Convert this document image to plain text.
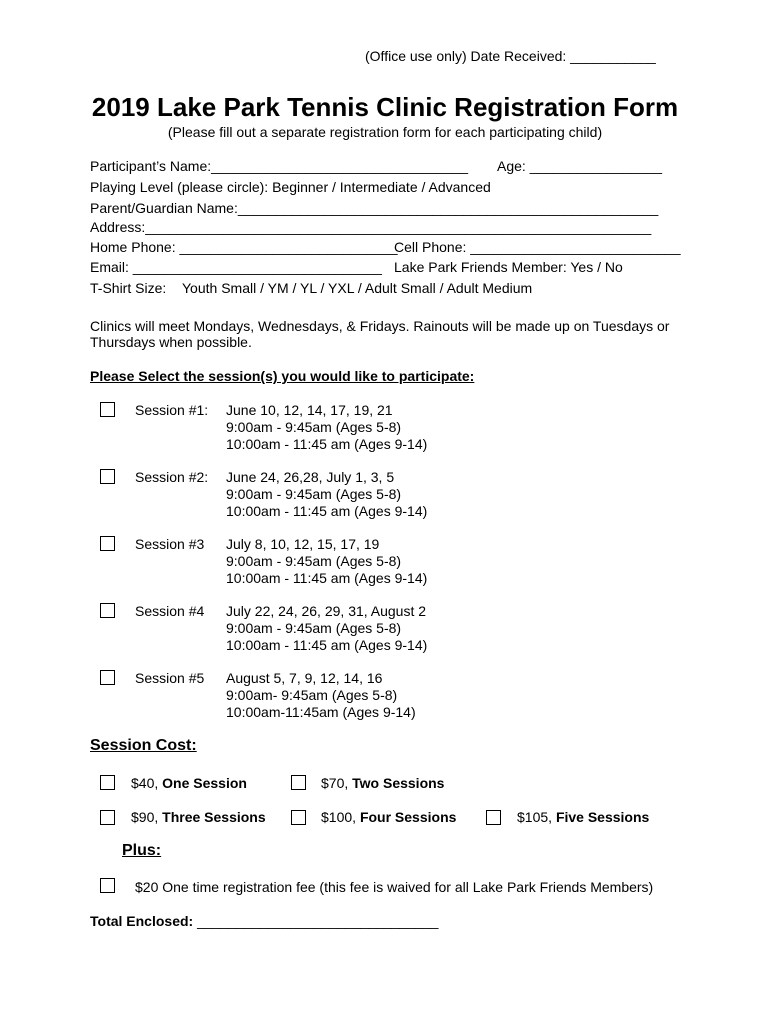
(Office use only) Date Received: ___________
2019 Lake Park Tennis Clinic Registration Form
(Please fill out a separate registration form for each participating child)
Participant’s Name:_________________________________ Age: _________________
Playing Level (please circle): Beginner / Intermediate / Advanced
Parent/Guardian Name:______________________________________________________
Address:_________________________________________________________________
Home Phone: ____________________________
Cell Phone: ___________________________
Email: ________________________________ Lake Park Friends Member: Yes / No
T-Shirt Size: Youth Small / YM / YL / YXL / Adult Small / Adult Medium
Clinics will meet Mondays, Wednesdays, & Fridays. Rainouts will be made up on Tuesdays or
Thursdays when possible.
Please Select the session(s) you would like to participate:
Session #1: June 10, 12, 14, 17, 19, 21
9:00am - 9:45am (Ages 5-8)
10:00am - 11:45 am (Ages 9-14)
Session #2: June 24, 26,28, July 1, 3, 5
9:00am - 9:45am (Ages 5-8)
10:00am - 11:45 am (Ages 9-14)
Session #3 July 8, 10, 12, 15, 17, 19
9:00am - 9:45am (Ages 5-8)
10:00am - 11:45 am (Ages 9-14)
Session #4 July 22, 24, 26, 29, 31, August 2
9:00am - 9:45am (Ages 5-8)
10:00am - 11:45 am (Ages 9-14)
Session #5 August 5, 7, 9, 12, 14, 16
9:00am- 9:45am (Ages 5-8)
10:00am-11:45am (Ages 9-14)
Session Cost:
$40, One Session	$70, Two Sessions
$90, Three Sessions	$100, Four Sessions	$105, Five Sessions
Plus:
$20 One time registration fee (this fee is waived for all Lake Park Friends Members)
Total Enclosed: _______________________________
